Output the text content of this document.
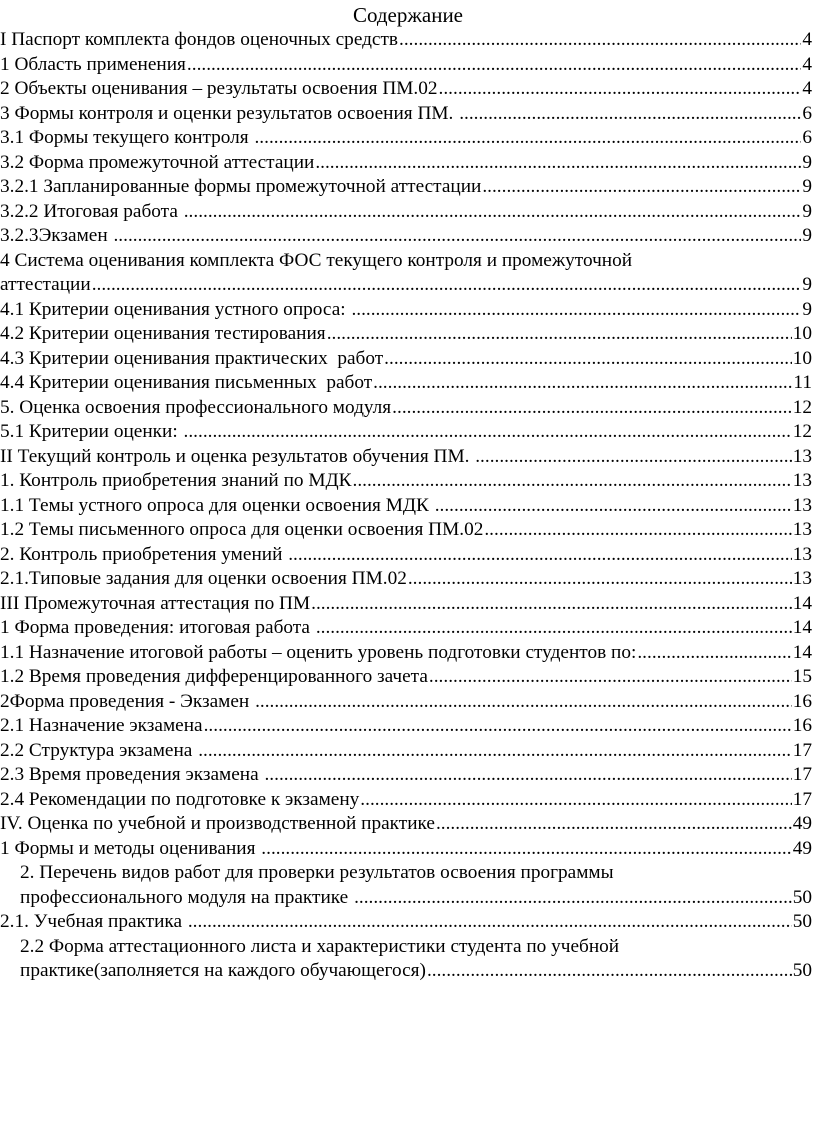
Содержание
I Паспорт комплекта фондов оценочных средств .....	4
1 Область применения .....	4
2 Объекты оценивания – результаты освоения ПМ.02 .....	4
3 Формы контроля и оценки результатов освоения ПМ. .....	6
3.1 Формы текущего контроля .....	6
3.2 Форма промежуточной аттестации .....	9
3.2.1 Запланированные формы промежуточной аттестации .....	9
3.2.2 Итоговая работа .....	9
3.2.3Экзамен .....	9
4 Система оценивания комплекта ФОС текущего контроля и промежуточной
аттестации .....	9
4.1 Критерии оценивания устного опроса: .....	9
4.2 Критерии оценивания тестирования .....	10
4.3 Критерии оценивания практических  работ .....	10
4.4 Критерии оценивания письменных  работ .....	11
5. Оценка освоения профессионального модуля .....	12
5.1 Критерии оценки: .....	12
II Текущий контроль и оценка результатов обучения ПМ. .....	13
1. Контроль приобретения знаний по МДК .....	13
1.1 Темы устного опроса для оценки освоения МДК .....	13
1.2 Темы письменного опроса для оценки освоения ПМ.02 .....	13
2. Контроль приобретения умений .....	13
2.1.Типовые задания для оценки освоения ПМ.02 .....	13
III Промежуточная аттестация по ПМ .....	14
1 Форма проведения: итоговая работа .....	14
1.1 Назначение итоговой работы – оценить уровень подготовки студентов по: .....	14
1.2 Время проведения дифференцированного зачета .....	15
2Форма проведения - Экзамен .....	16
2.1 Назначение экзамена .....	16
2.2 Структура экзамена .....	17
2.3 Время проведения экзамена .....	17
2.4 Рекомендации по подготовке к экзамену .....	17
IV. Оценка по учебной и производственной практике .....	49
1 Формы и методы оценивания .....	49
2. Перечень видов работ для проверки результатов освоения программы
профессионального модуля на практике .....	50
2.1. Учебная практика .....	50
2.2 Форма аттестационного листа и характеристики студента по учебной
практике(заполняется на каждого обучающегося) .....	50
